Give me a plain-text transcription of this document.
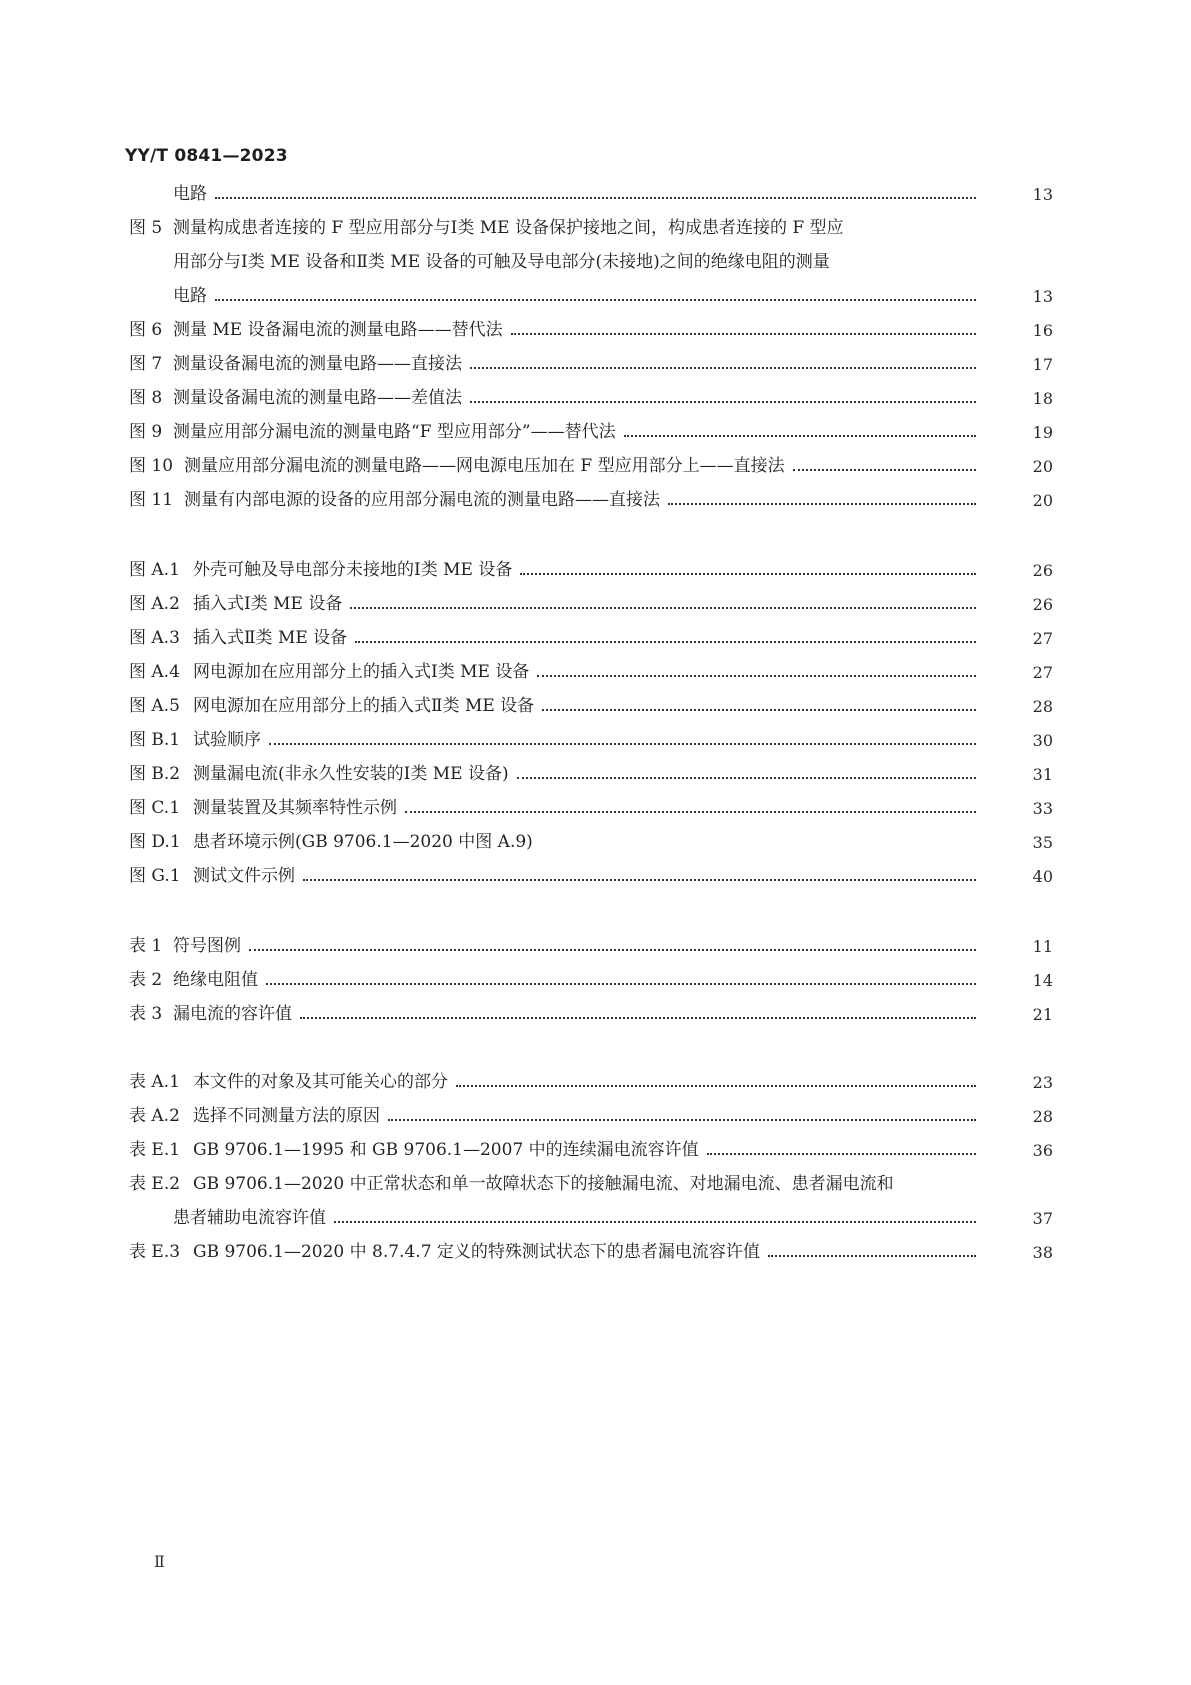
YY/T 0841—2023
电路	13
图 5 测量构成患者连接的 F 型应用部分与Ⅰ类 ME 设备保护接地之间，构成患者连接的 F 型应
用部分与Ⅰ类 ME 设备和Ⅱ类 ME 设备的可触及导电部分(未接地)之间的绝缘电阻的测量
电路	13
图 6 测量 ME 设备漏电流的测量电路——替代法	16
图 7 测量设备漏电流的测量电路——直接法	17
图 8 测量设备漏电流的测量电路——差值法	18
图 9 测量应用部分漏电流的测量电路“F 型应用部分”——替代法	19
图 10 测量应用部分漏电流的测量电路——网电源电压加在 F 型应用部分上——直接法	20
图 11 测量有内部电源的设备的应用部分漏电流的测量电路——直接法	20
图 A.1 外壳可触及导电部分未接地的Ⅰ类 ME 设备	26
图 A.2 插入式Ⅰ类 ME 设备	26
图 A.3 插入式Ⅱ类 ME 设备	27
图 A.4 网电源加在应用部分上的插入式Ⅰ类 ME 设备	27
图 A.5 网电源加在应用部分上的插入式Ⅱ类 ME 设备	28
图 B.1 试验顺序	30
图 B.2 测量漏电流(非永久性安装的Ⅰ类 ME 设备)	31
图 C.1 测量装置及其频率特性示例	33
图 D.1 患者环境示例(GB 9706.1—2020 中图 A.9)	35
图 G.1 测试文件示例	40
表 1 符号图例	11
表 2 绝缘电阻值	14
表 3 漏电流的容许值	21
表 A.1 本文件的对象及其可能关心的部分	23
表 A.2 选择不同测量方法的原因	28
表 E.1 GB 9706.1—1995 和 GB 9706.1—2007 中的连续漏电流容许值	36
表 E.2 GB 9706.1—2020 中正常状态和单一故障状态下的接触漏电流、对地漏电流、患者漏电流和
患者辅助电流容许值	37
表 E.3 GB 9706.1—2020 中 8.7.4.7 定义的特殊测试状态下的患者漏电流容许值	38
Ⅱ
